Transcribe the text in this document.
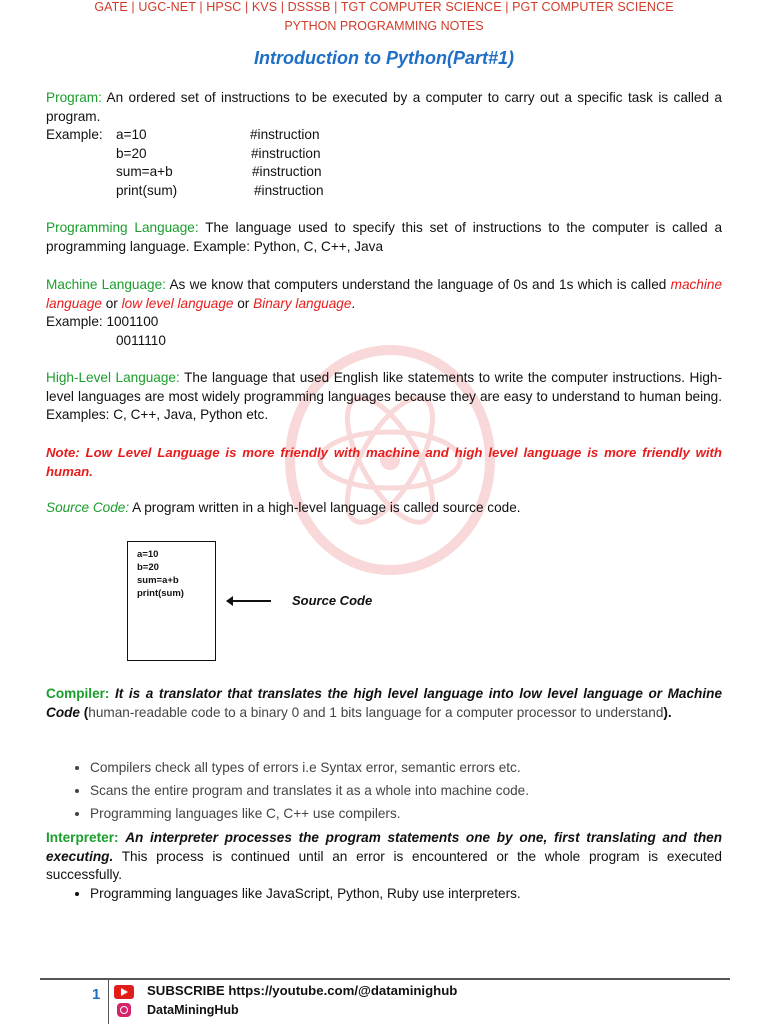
GATE | UGC-NET | HPSC | KVS | DSSSB | TGT COMPUTER SCIENCE | PGT COMPUTER SCIENCE
PYTHON PROGRAMMING NOTES
Introduction to Python(Part#1)
Program: An ordered set of instructions to be executed by a computer to carry out a specific task is called a program.
Example: a=10	#instruction
b=20	#instruction
sum=a+b	#instruction
print(sum)	#instruction
Programming Language: The language used to specify this set of instructions to the computer is called a programming language. Example: Python, C, C++, Java
Machine Language: As we know that computers understand the language of 0s and 1s which is called machine language or low level language or Binary language.
Example: 1001100
0011110
High-Level Language: The language that used English like statements to write the computer instructions. High-level languages are most widely programming languages because they are easy to understand to human being. Examples: C, C++, Java, Python etc.
Note: Low Level Language is more friendly with machine and high level language is more friendly with human.
Source Code: A program written in a high-level language is called source code.
a=10
b=20
sum=a+b
print(sum)	Source Code
Compiler: It is a translator that translates the high level language into low level language or Machine Code (human-readable code to a binary 0 and 1 bits language for a computer processor to understand).
• Compilers check all types of errors i.e Syntax error, semantic errors etc.
• Scans the entire program and translates it as a whole into machine code.
• Programming languages like C, C++ use compilers.
Interpreter: An interpreter processes the program statements one by one, first translating and then executing. This process is continued until an error is encountered or the whole program is executed successfully.
• Programming languages like JavaScript, Python, Ruby use interpreters.
1	SUBSCRIBE https://youtube.com/@dataminighub
DataMiningHub
